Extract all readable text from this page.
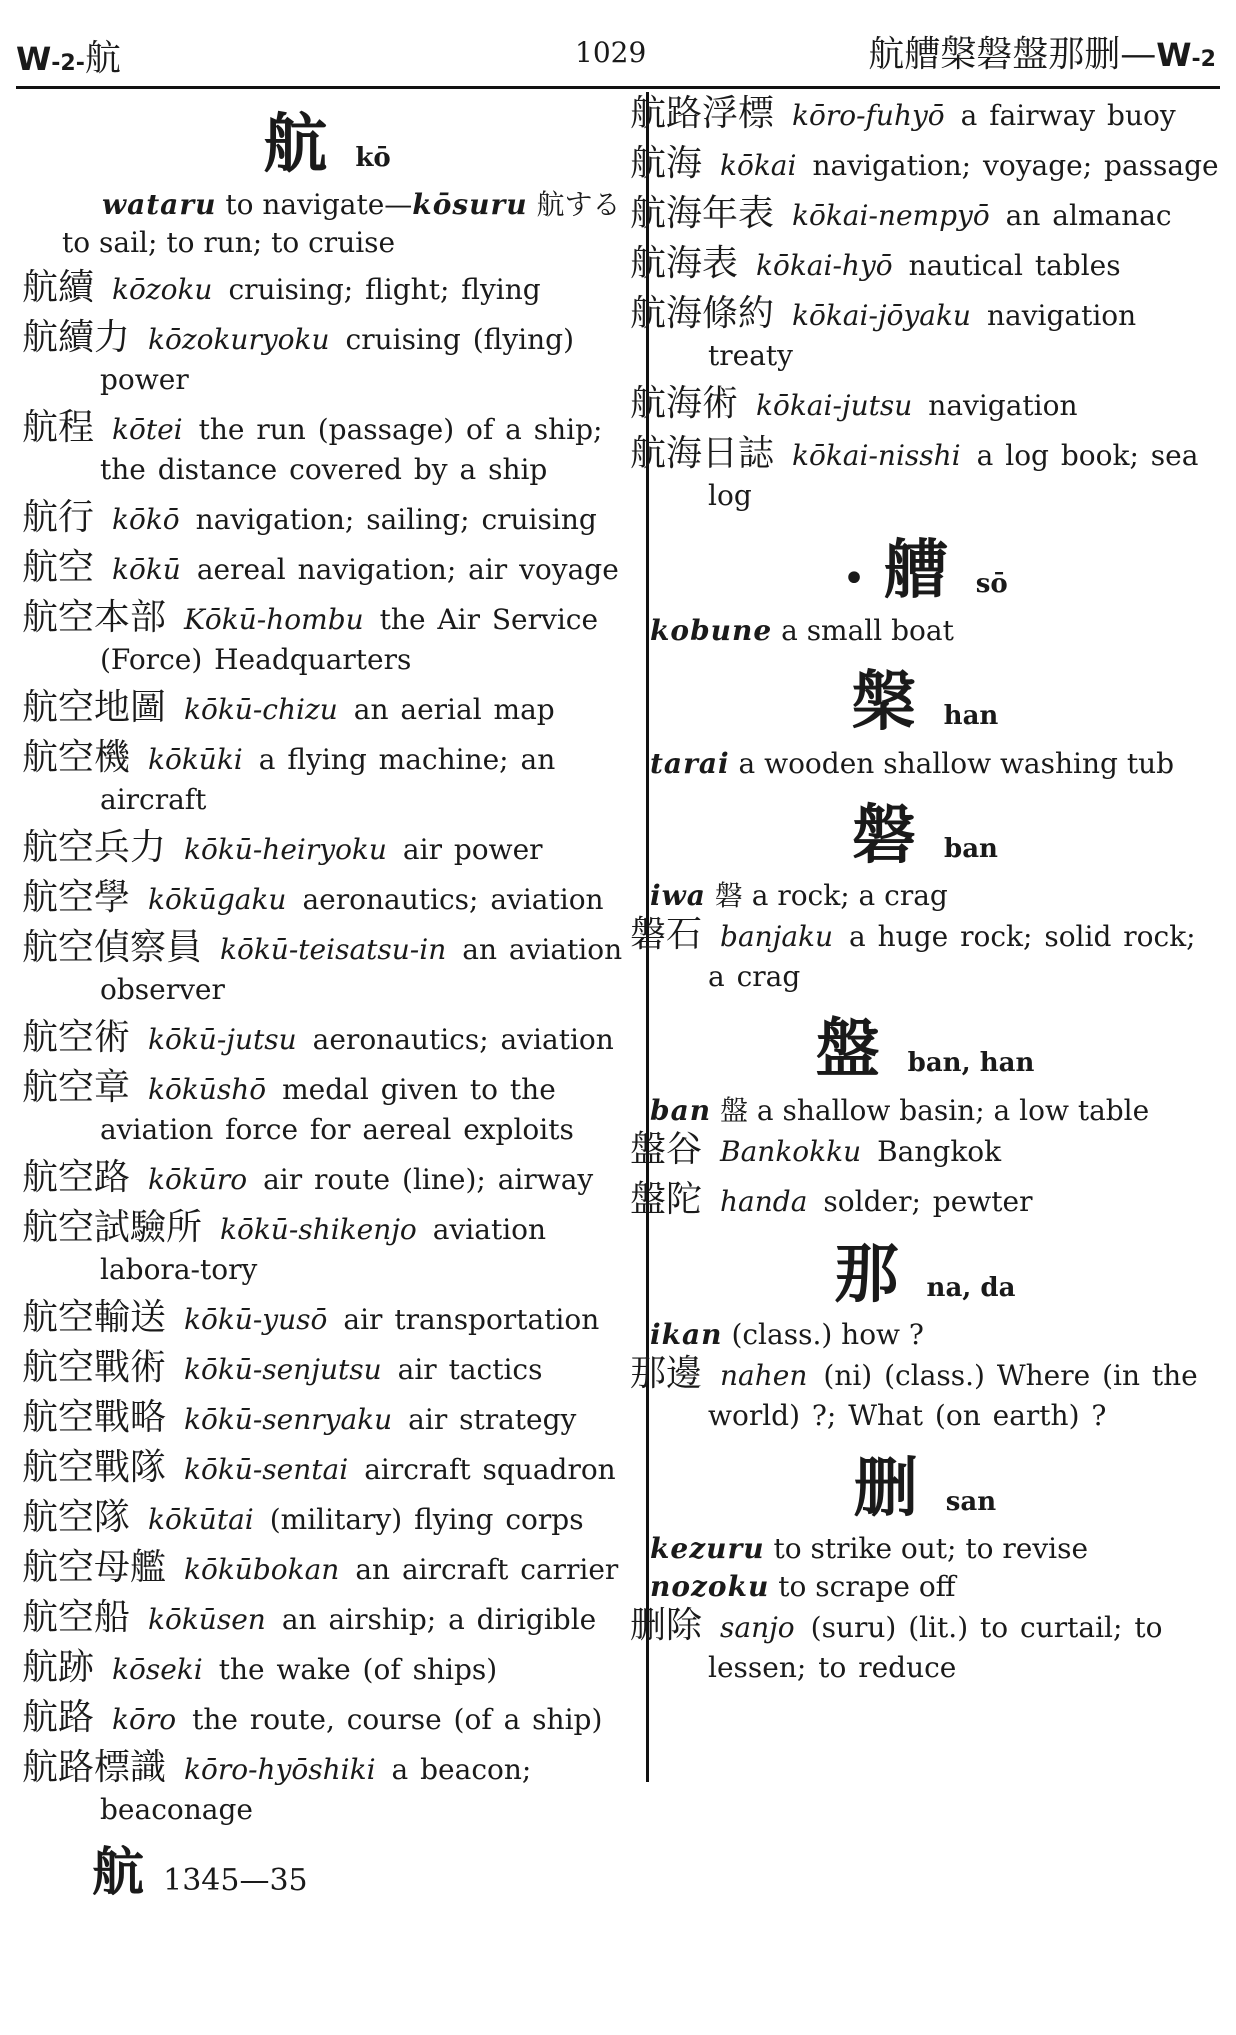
W-2-航	1029	航艚槃磐盤那删—W-2
航 kō
wataru to navigate—kōsuru 航する to sail; to run; to cruise
航續 kōzoku cruising; flight; flying
航續力 kōzokuryoku cruising (flying) power
航程 kōtei the run (passage) of a ship; the distance covered by a ship
航行 kōkō navigation; sailing; cruising
航空 kōkū aereal navigation; air voyage
航空本部 Kōkū-hombu the Air Service (Force) Headquarters
航空地圖 kōkū-chizu an aerial map
航空機 kōkūki a flying machine; an aircraft
航空兵力 kōkū-heiryoku air power
航空學 kōkūgaku aeronautics; aviation
航空偵察員 kōkū-teisatsu-in an aviation observer
航空術 kōkū-jutsu aeronautics; aviation
航空章 kōkūshō medal given to the aviation force for aereal exploits
航空路 kōkūro air route (line); airway
航空試驗所 kōkū-shikenjo aviation labora-tory
航空輸送 kōkū-yusō air transportation
航空戰術 kōkū-senjutsu air tactics
航空戰略 kōkū-senryaku air strategy
航空戰隊 kōkū-sentai aircraft squadron
航空隊 kōkūtai (military) flying corps
航空母艦 kōkūbokan an aircraft carrier
航空船 kōkūsen an airship; a dirigible
航跡 kōseki the wake (of ships)
航路 kōro the route, course (of a ship)
航路標識 kōro-hyōshiki a beacon; beaconage
航路浮標 kōro-fuhyō a fairway buoy
航海 kōkai navigation; voyage; passage
航海年表 kōkai-nempyō an almanac
航海表 kōkai-hyō nautical tables
航海條約 kōkai-jōyaku navigation treaty
航海術 kōkai-jutsu navigation
航海日誌 kōkai-nisshi a log book; sea log
• 艚 sō
kobune a small boat
槃 han
tarai a wooden shallow washing tub
磐 ban
iwa 磐 a rock; a crag
磐石 banjaku a huge rock; solid rock; a crag
盤 ban, han
ban 盤 a shallow basin; a low table
盤谷 Bankokku Bangkok
盤陀 handa solder; pewter
那 na, da
ikan (class.) how ?
那邊 nahen (ni) (class.) Where (in the world) ?; What (on earth) ?
删 san
kezuru to strike out; to revise
nozoku to scrape off
删除 sanjo (suru) (lit.) to curtail; to lessen; to reduce
航 1345—35
